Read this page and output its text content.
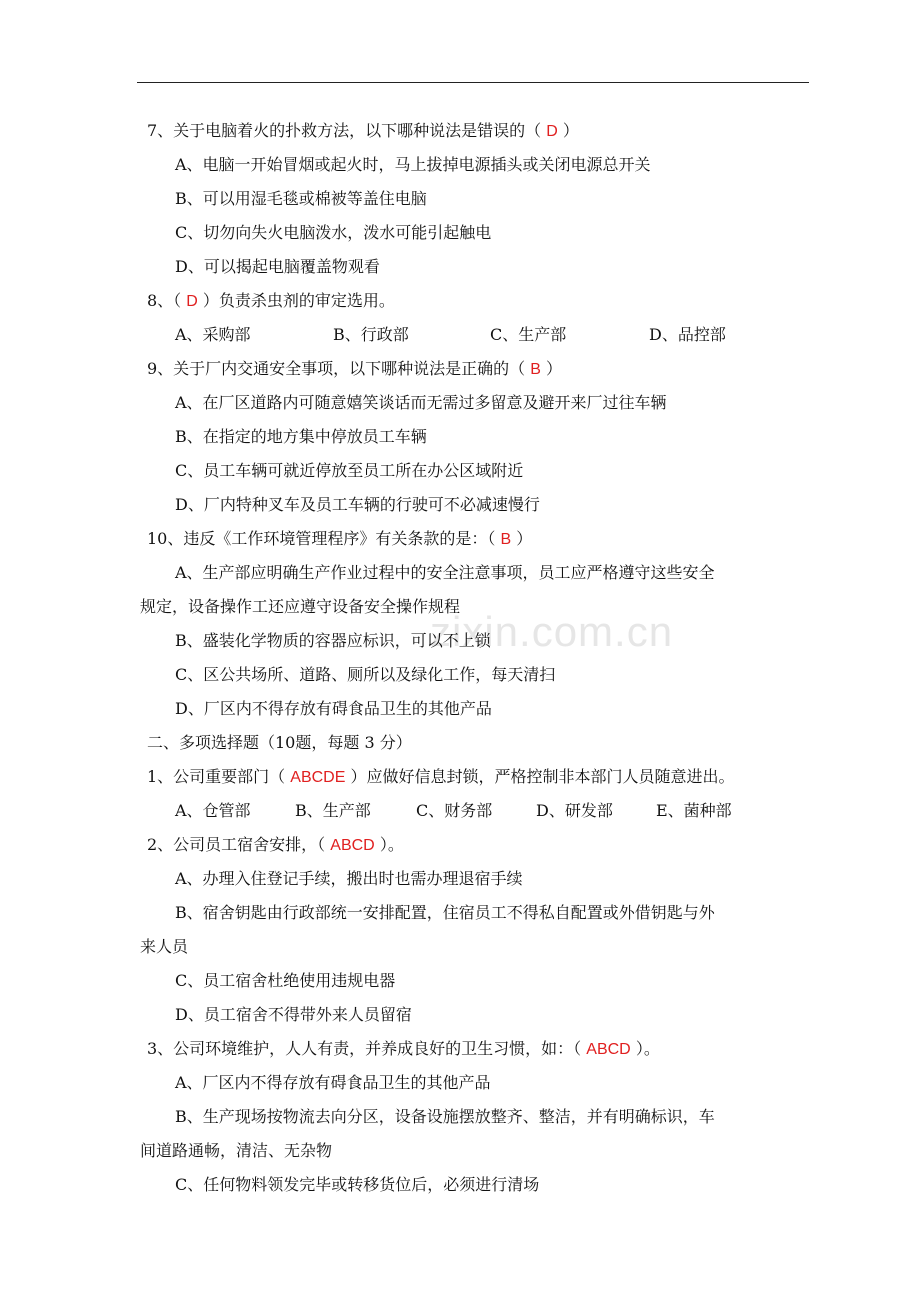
zixin.com.cn
7、关于电脑着火的扑救方法，以下哪种说法是错误的（ D ）
A、电脑一开始冒烟或起火时，马上拔掉电源插头或关闭电源总开关
B、可以用湿毛毯或棉被等盖住电脑
C、切勿向失火电脑泼水，泼水可能引起触电
D、可以揭起电脑覆盖物观看
8、（ D ）负责杀虫剂的审定选用。
A、采购部	B、行政部	C、生产部	D、品控部
9、关于厂内交通安全事项，以下哪种说法是正确的（ B ）
A、在厂区道路内可随意嬉笑谈话而无需过多留意及避开来厂过往车辆
B、在指定的地方集中停放员工车辆
C、员工车辆可就近停放至员工所在办公区域附近
D、厂内特种叉车及员工车辆的行驶可不必减速慢行
10、违反《工作环境管理程序》有关条款的是：（ B ）
A、生产部应明确生产作业过程中的安全注意事项，员工应严格遵守这些安全
规定，设备操作工还应遵守设备安全操作规程
B、盛装化学物质的容器应标识，可以不上锁
C、区公共场所、道路、厕所以及绿化工作，每天清扫
D、厂区内不得存放有碍食品卫生的其他产品
二、多项选择题（10题，每题 3 分）
1、公司重要部门（ ABCDE ）应做好信息封锁，严格控制非本部门人员随意进出。
A、仓管部	B、生产部	C、财务部	D、研发部	E、菌种部
2、公司员工宿舍安排，（ ABCD ）。
A、办理入住登记手续，搬出时也需办理退宿手续
B、宿舍钥匙由行政部统一安排配置，住宿员工不得私自配置或外借钥匙与外
来人员
C、员工宿舍杜绝使用违规电器
D、员工宿舍不得带外来人员留宿
3、公司环境维护，人人有责，并养成良好的卫生习惯，如：（ ABCD ）。
A、厂区内不得存放有碍食品卫生的其他产品
B、生产现场按物流去向分区，设备设施摆放整齐、整洁，并有明确标识，车
间道路通畅，清洁、无杂物
C、任何物料领发完毕或转移货位后，必须进行清场
